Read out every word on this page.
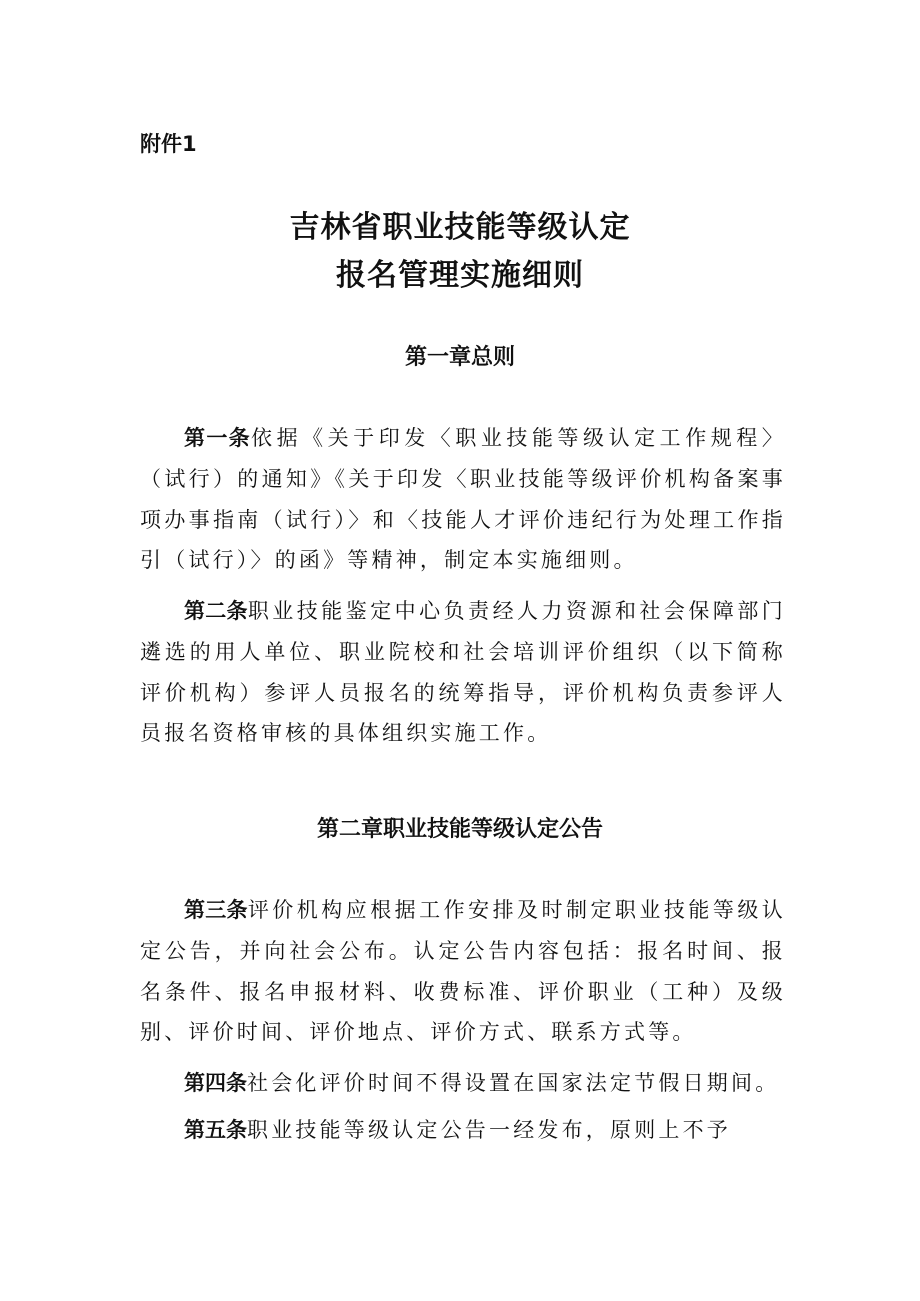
附件1
吉林省职业技能等级认定
报名管理实施细则
第一章总则
第一条依据《关于印发〈职业技能等级认定工作规程〉（试行）的通知》《关于印发〈职业技能等级评价机构备案事项办事指南（试行）〉和〈技能人才评价违纪行为处理工作指引（试行）〉的函》等精神，制定本实施细则。
第二条职业技能鉴定中心负责经人力资源和社会保障部门遴选的用人单位、职业院校和社会培训评价组织（以下简称评价机构）参评人员报名的统筹指导，评价机构负责参评人员报名资格审核的具体组织实施工作。
第二章职业技能等级认定公告
第三条评价机构应根据工作安排及时制定职业技能等级认定公告，并向社会公布。认定公告内容包括：报名时间、报名条件、报名申报材料、收费标准、评价职业（工种）及级别、评价时间、评价地点、评价方式、联系方式等。
第四条社会化评价时间不得设置在国家法定节假日期间。
第五条职业技能等级认定公告一经发布，原则上不予
